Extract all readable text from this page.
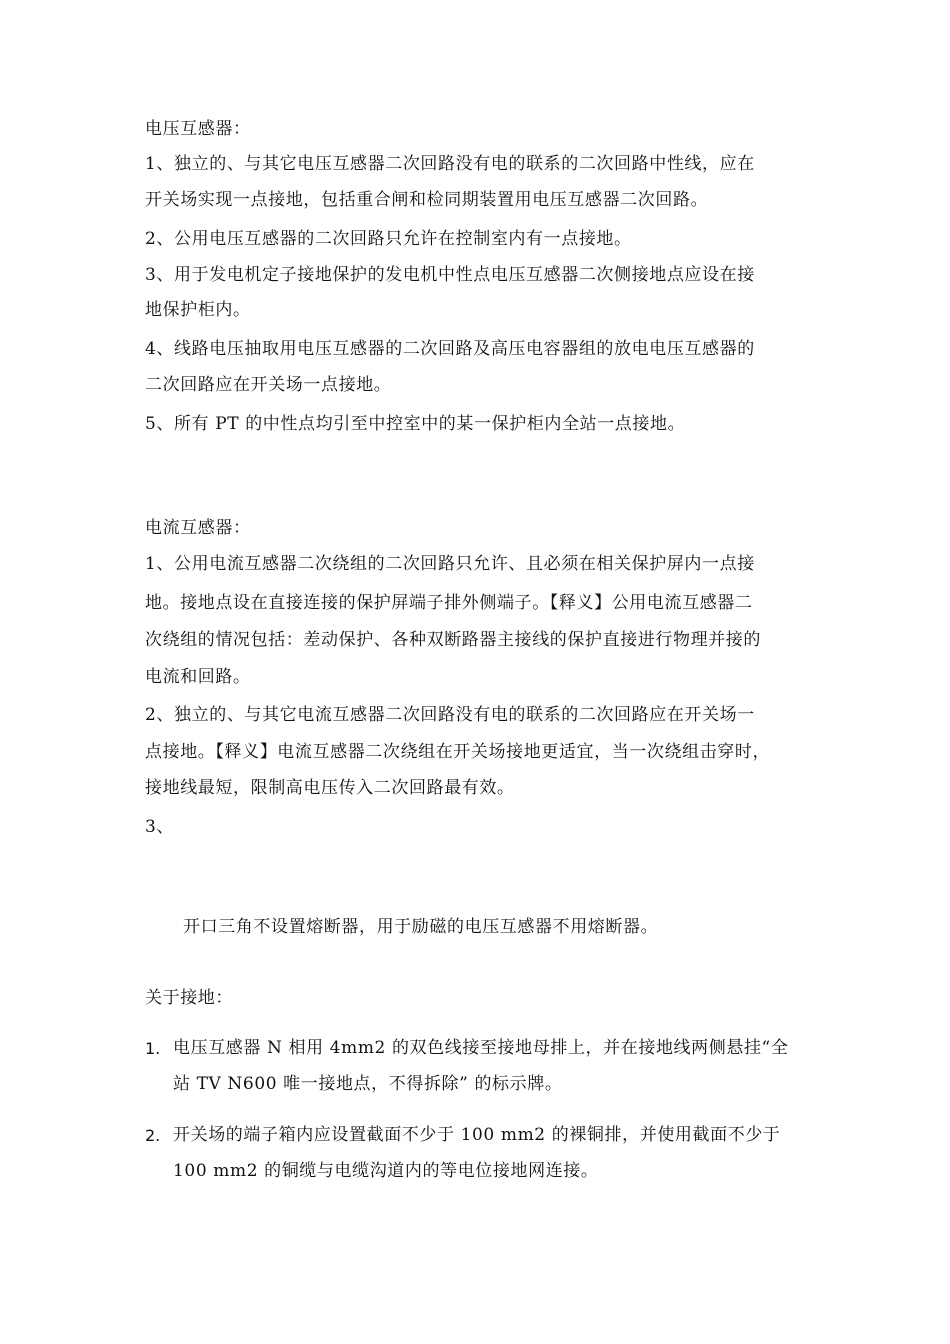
电压互感器：
1、独立的、与其它电压互感器二次回路没有电的联系的二次回路中性线，应在
开关场实现一点接地，包括重合闸和检同期装置用电压互感器二次回路。
2、公用电压互感器的二次回路只允许在控制室内有一点接地。
3、用于发电机定子接地保护的发电机中性点电压互感器二次侧接地点应设在接
地保护柜内。
4、线路电压抽取用电压互感器的二次回路及高压电容器组的放电电压互感器的
二次回路应在开关场一点接地。
5、所有 PT 的中性点均引至中控室中的某一保护柜内全站一点接地。
电流互感器：
1、公用电流互感器二次绕组的二次回路只允许、且必须在相关保护屏内一点接
地。接地点设在直接连接的保护屏端子排外侧端子。【释义】公用电流互感器二
次绕组的情况包括：差动保护、各种双断路器主接线的保护直接进行物理并接的
电流和回路。
2、独立的、与其它电流互感器二次回路没有电的联系的二次回路应在开关场一
点接地。【释义】电流互感器二次绕组在开关场接地更适宜，当一次绕组击穿时，
接地线最短，限制高电压传入二次回路最有效。
3、
开口三角不设置熔断器，用于励磁的电压互感器不用熔断器。
关于接地：
1. 电压互感器 N 相用 4mm2 的双色线接至接地母排上，并在接地线两侧悬挂“全
站 TV N600 唯一接地点，不得拆除” 的标示牌。
2. 开关场的端子箱内应设置截面不少于 100 mm2 的裸铜排，并使用截面不少于
100 mm2 的铜缆与电缆沟道内的等电位接地网连接。
